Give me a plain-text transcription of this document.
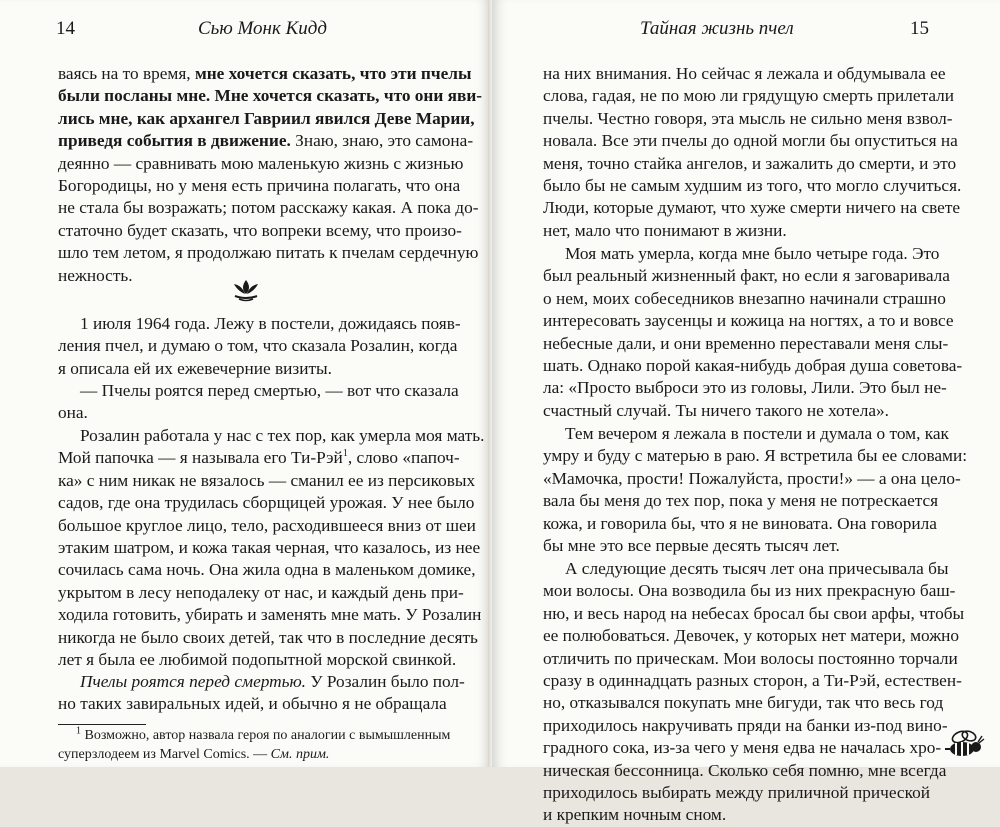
14	Сью Монк Кидд
ваясь на то время, мне хочется сказать, что эти пчелы
были посланы мне. Мне хочется сказать, что они яви-
лись мне, как архангел Гавриил явился Деве Марии,
приведя события в движение. Знаю, знаю, это самона-
деянно — сравнивать мою маленькую жизнь с жизнью
Богородицы, но у меня есть причина полагать, что она
не стала бы возражать; потом расскажу какая. А пока до-
статочно будет сказать, что вопреки всему, что произо-
шло тем летом, я продолжаю питать к пчелам сердечную
нежность.
1 июля 1964 года. Лежу в постели, дожидаясь появ-
ления пчел, и думаю о том, что сказала Розалин, когда
я описала ей их ежевечерние визиты.
— Пчелы роятся перед смертью, — вот что сказала
она.
Розалин работала у нас с тех пор, как умерла моя мать.
Мой папочка — я называла его Ти-Рэй$^1$, слово «папоч-
ка» с ним никак не вязалось — сманил ее из персиковых
садов, где она трудилась сборщицей урожая. У нее было
большое круглое лицо, тело, расходившееся вниз от шеи
этаким шатром, и кожа такая черная, что казалось, из нее
сочилась сама ночь. Она жила одна в маленьком домике,
укрытом в лесу неподалеку от нас, и каждый день при-
ходила готовить, убирать и заменять мне мать. У Розалин
никогда не было своих детей, так что в последние десять
лет я была ее любимой подопытной морской свинкой.
Пчелы роятся перед смертью. У Розалин было пол-
но таких завиральных идей, и обычно я не обращала
$^1$ Возможно, автор назвала героя по аналогии с вымышленным
суперзлодеем из Marvel Comics. — См. прим.
Тайная жизнь пчел	15
на них внимания. Но сейчас я лежала и обдумывала ее
слова, гадая, не по мою ли грядущую смерть прилетали
пчелы. Честно говоря, эта мысль не сильно меня взвол-
новала. Все эти пчелы до одной могли бы опуститься на
меня, точно стайка ангелов, и зажалить до смерти, и это
было бы не самым худшим из того, что могло случиться.
Люди, которые думают, что хуже смерти ничего на свете
нет, мало что понимают в жизни.
Моя мать умерла, когда мне было четыре года. Это
был реальный жизненный факт, но если я заговаривала
о нем, моих собеседников внезапно начинали страшно
интересовать заусенцы и кожица на ногтях, а то и вовсе
небесные дали, и они временно переставали меня слы-
шать. Однако порой какая-нибудь добрая душа советова-
ла: «Просто выброси это из головы, Лили. Это был не-
счастный случай. Ты ничего такого не хотела».
Тем вечером я лежала в постели и думала о том, как
умру и буду с матерью в раю. Я встретила бы ее словами:
«Мамочка, прости! Пожалуйста, прости!» — а она цело-
вала бы меня до тех пор, пока у меня не потрескается
кожа, и говорила бы, что я не виновата. Она говорила
бы мне это все первые десять тысяч лет.
А следующие десять тысяч лет она причесывала бы
мои волосы. Она возводила бы из них прекрасную баш-
ню, и весь народ на небесах бросал бы свои арфы, чтобы
ее полюбоваться. Девочек, у которых нет матери, можно
отличить по прическам. Мои волосы постоянно торчали
сразу в одиннадцать разных сторон, а Ти-Рэй, естествен-
но, отказывался покупать мне бигуди, так что весь год
приходилось накручивать пряди на банки из-под вино-
градного сока, из-за чего у меня едва не началась хро-
ническая бессонница. Сколько себя помню, мне всегда
приходилось выбирать между приличной прической
и крепким ночным сном.
